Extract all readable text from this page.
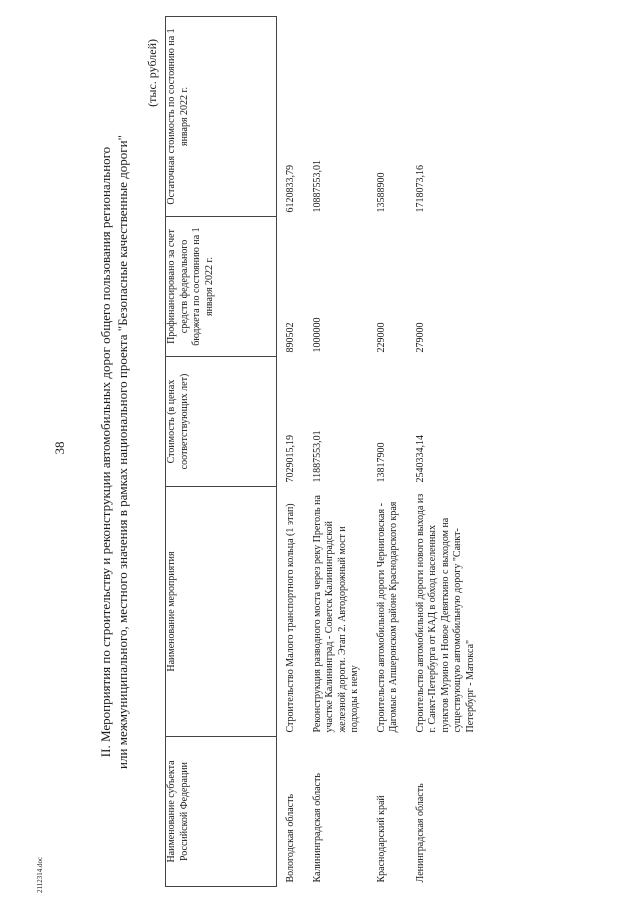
38 II. Мероприятия по строительству и реконструкции автомобильных дорог общего пользования регионального или межмуниципального, местного значения в рамках национального проекта "Безопасные качественные дороги"
(тыс. рублей)
Наименование субъекта Российской Федерации	Наименование мероприятия	Стоимость (в ценах соответствующих лет)	Профинансировано за счет средств федерального бюджета по состоянию на 1 января 2022 г.	Остаточная стоимость по состоянию на 1 января 2022 г.
Вологодская область	Строительство Малого транспортного кольца (1 этап)	7029015,19	890502	6120833,79
Калининградская область	Реконструкция разводного моста через реку Преголь на участке Калининград - Советск Калининградской железной дороги. Этап 2. Автодорожный мост и подходы к нему	11887553,01	1000000	10887553,01
Краснодарский край	Строительство автомобильной дороги Черниговская - Дагомыс в Апшеронском районе Краснодарского края	13817900	229000	13588900
Ленинградская область	Строительство автомобильной дороги нового выхода из г. Санкт-Петербурга от КАД в обход населенных пунктов Мурино и Новое Девяткино с выходом на существующую автомобильную дорогу "Санкт-Петербург - Матокса"	2540334,14	279000	1718073,16
2112314.doc
